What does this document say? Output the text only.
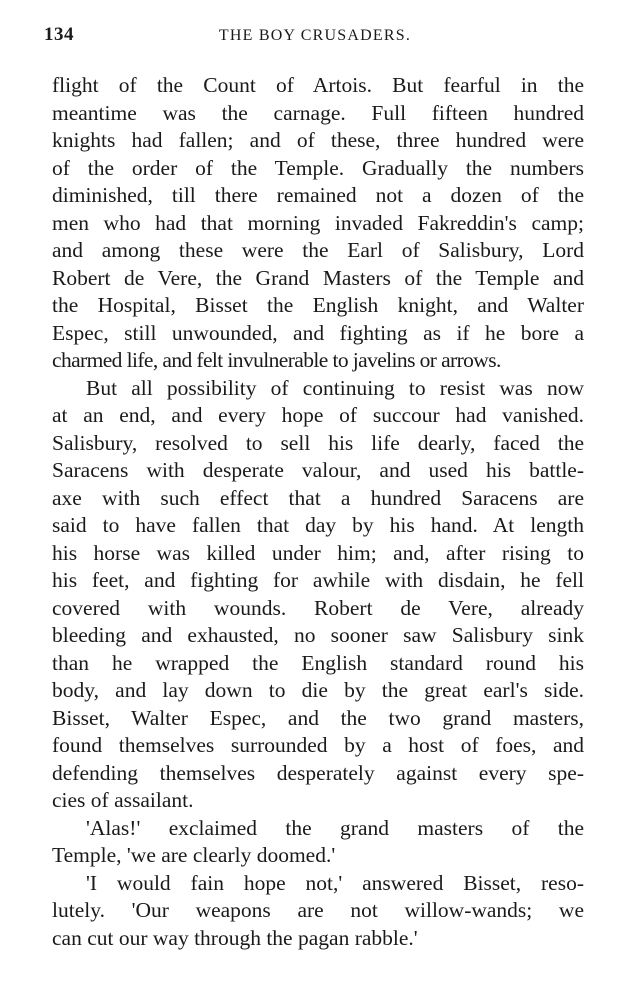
134	THE BOY CRUSADERS.
flight of the Count of Artois. But fearful in the
meantime was the carnage. Full fifteen hundred
knights had fallen; and of these, three hundred were
of the order of the Temple. Gradually the numbers
diminished, till there remained not a dozen of the
men who had that morning invaded Fakreddin's camp;
and among these were the Earl of Salisbury, Lord
Robert de Vere, the Grand Masters of the Temple and
the Hospital, Bisset the English knight, and Walter
Espec, still unwounded, and fighting as if he bore a
charmed life, and felt invulnerable to javelins or arrows.
But all possibility of continuing to resist was now
at an end, and every hope of succour had vanished.
Salisbury, resolved to sell his life dearly, faced the
Saracens with desperate valour, and used his battle-
axe with such effect that a hundred Saracens are
said to have fallen that day by his hand. At length
his horse was killed under him; and, after rising to
his feet, and fighting for awhile with disdain, he fell
covered with wounds. Robert de Vere, already
bleeding and exhausted, no sooner saw Salisbury sink
than he wrapped the English standard round his
body, and lay down to die by the great earl's side.
Bisset, Walter Espec, and the two grand masters,
found themselves surrounded by a host of foes, and
defending themselves desperately against every spe-
cies of assailant.
'Alas!' exclaimed the grand masters of the
Temple, 'we are clearly doomed.'
'I would fain hope not,' answered Bisset, reso-
lutely. 'Our weapons are not willow-wands; we
can cut our way through the pagan rabble.'
